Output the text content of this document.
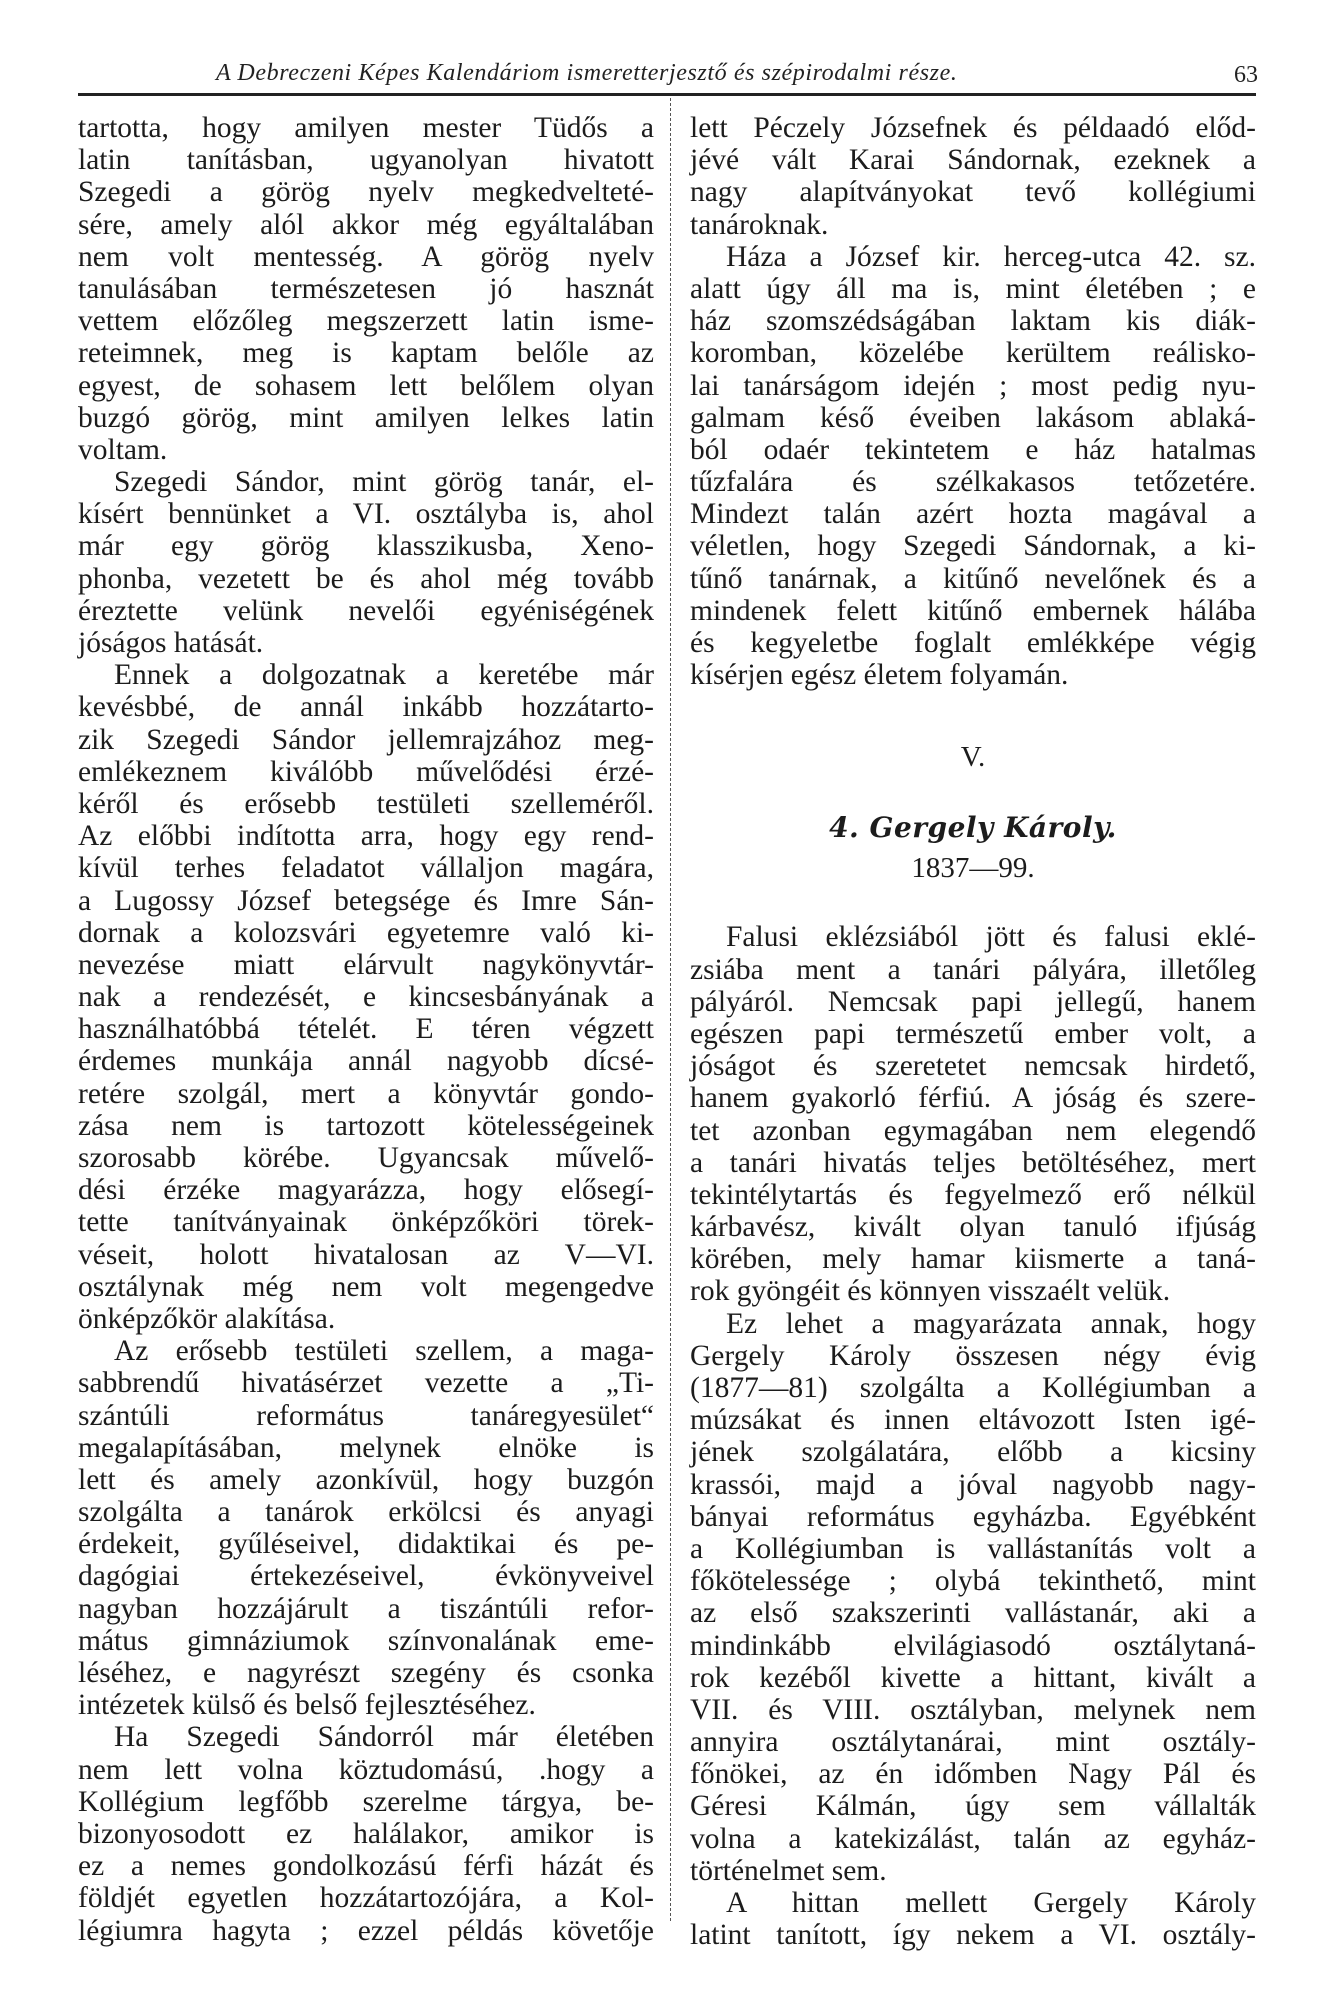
A Debreczeni Képes Kalendáriom ismeretterjesztő és szépirodalmi része.	63
tartotta, hogy amilyen mester Tüdős a
latin tanításban, ugyanolyan hivatott
Szegedi a görög nyelv megkedvelteté-
sére, amely alól akkor még egyáltalában
nem volt mentesség. A görög nyelv
tanulásában természetesen jó hasznát
vettem előzőleg megszerzett latin isme-
reteimnek, meg is kaptam belőle az
egyest, de sohasem lett belőlem olyan
buzgó görög, mint amilyen lelkes latin
voltam.
Szegedi Sándor, mint görög tanár, el-
kísért bennünket a VI. osztályba is, ahol
már egy görög klasszikusba, Xeno-
phonba, vezetett be és ahol még tovább
éreztette velünk nevelői egyéniségének
jóságos hatását.
Ennek a dolgozatnak a keretébe már
kevésbbé, de annál inkább hozzátarto-
zik Szegedi Sándor jellemrajzához meg-
emlékeznem kiválóbb művelődési érzé-
kéről és erősebb testületi szelleméről.
Az előbbi indította arra, hogy egy rend-
kívül terhes feladatot vállaljon magára,
a Lugossy József betegsége és Imre Sán-
dornak a kolozsvári egyetemre való ki-
nevezése miatt elárvult nagykönyvtár-
nak a rendezését, e kincsesbányának a
használhatóbbá tételét. E téren végzett
érdemes munkája annál nagyobb dícsé-
retére szolgál, mert a könyvtár gondo-
zása nem is tartozott kötelességeinek
szorosabb körébe. Ugyancsak művelő-
dési érzéke magyarázza, hogy elősegí-
tette tanítványainak önképzőköri törek-
véseit, holott hivatalosan az V—VI.
osztálynak még nem volt megengedve
önképzőkör alakítása.
Az erősebb testületi szellem, a maga-
sabbrendű hivatásérzet vezette a „Ti-
szántúli református tanáregyesület“
megalapításában, melynek elnöke is
lett és amely azonkívül, hogy buzgón
szolgálta a tanárok erkölcsi és anyagi
érdekeit, gyűléseivel, didaktikai és pe-
dagógiai értekezéseivel, évkönyveivel
nagyban hozzájárult a tiszántúli refor-
mátus gimnáziumok színvonalának eme-
léséhez, e nagyrészt szegény és csonka
intézetek külső és belső fejlesztéséhez.
Ha Szegedi Sándorról már életében
nem lett volna köztudomású, .hogy a
Kollégium legfőbb szerelme tárgya, be-
bizonyosodott ez halálakor, amikor is
ez a nemes gondolkozású férfi házát és
földjét egyetlen hozzátartozójára, a Kol-
légiumra hagyta ; ezzel példás követője
lett Péczely Józsefnek és példaadó előd-
jévé vált Karai Sándornak, ezeknek a
nagy alapítványokat tevő kollégiumi
tanároknak.
Háza a József kir. herceg-utca 42. sz.
alatt úgy áll ma is, mint életében ; e
ház szomszédságában laktam kis diák-
koromban, közelébe kerültem reálisko-
lai tanárságom idején ; most pedig nyu-
galmam késő éveiben lakásom ablaká-
ból odaér tekintetem e ház hatalmas
tűzfalára és szélkakasos tetőzetére.
Mindezt talán azért hozta magával a
véletlen, hogy Szegedi Sándornak, a ki-
tűnő tanárnak, a kitűnő nevelőnek és a
mindenek felett kitűnő embernek hálába
és kegyeletbe foglalt emlékképe végig
kísérjen egész életem folyamán.
V.
4. Gergely Károly.
1837—99.
Falusi eklézsiából jött és falusi eklé-
zsiába ment a tanári pályára, illetőleg
pályáról. Nemcsak papi jellegű, hanem
egészen papi természetű ember volt, a
jóságot és szeretetet nemcsak hirdető,
hanem gyakorló férfiú. A jóság és szere-
tet azonban egymagában nem elegendő
a tanári hivatás teljes betöltéséhez, mert
tekintélytartás és fegyelmező erő nélkül
kárbavész, kivált olyan tanuló ifjúság
körében, mely hamar kiismerte a taná-
rok gyöngéit és könnyen visszaélt velük.
Ez lehet a magyarázata annak, hogy
Gergely Károly összesen négy évig
(1877—81) szolgálta a Kollégiumban a
múzsákat és innen eltávozott Isten igé-
jének szolgálatára, előbb a kicsiny
krassói, majd a jóval nagyobb nagy-
bányai református egyházba. Egyébként
a Kollégiumban is vallástanítás volt a
főkötelessége ; olybá tekinthető, mint
az első szakszerinti vallástanár, aki a
mindinkább elvilágiasodó osztálytaná-
rok kezéből kivette a hittant, kivált a
VII. és VIII. osztályban, melynek nem
annyira osztálytanárai, mint osztály-
főnökei, az én időmben Nagy Pál és
Géresi Kálmán, úgy sem vállalták
volna a katekizálást, talán az egyház-
történelmet sem.
A hittan mellett Gergely Károly
latint tanított, így nekem a VI. osztály-
